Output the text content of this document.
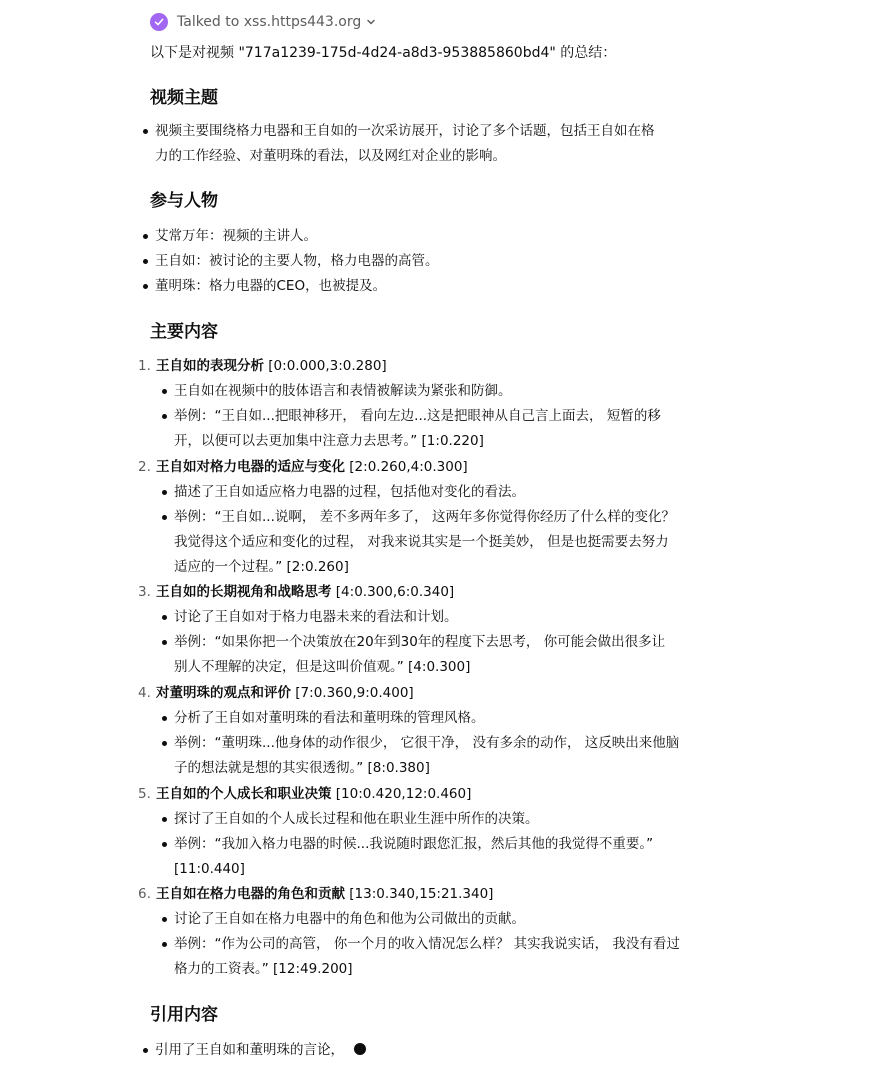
Talked to xss.https443.org
以下是对视频 "717a1239-175d-4d24-a8d3-953885860bd4" 的总结：
视频主题
视频主要围绕格力电器和王自如的一次采访展开，讨论了多个话题，包括王自如在格
力的工作经验、对董明珠的看法，以及网红对企业的影响。
参与人物
艾常万年：视频的主讲人。
王自如：被讨论的主要人物，格力电器的高管。
董明珠：格力电器的CEO，也被提及。
主要内容
1. 王自如的表现分析 [0:0.000,3:0.280]
王自如在视频中的肢体语言和表情被解读为紧张和防御。
举例：“王自如...把眼神移开， 看向左边...这是把眼神从自己言上面去， 短暂的移
开，以便可以去更加集中注意力去思考。” [1:0.220]
2. 王自如对格力电器的适应与变化 [2:0.260,4:0.300]
描述了王自如适应格力电器的过程，包括他对变化的看法。
举例：“王自如...说啊， 差不多两年多了， 这两年多你觉得你经历了什么样的变化？
我觉得这个适应和变化的过程， 对我来说其实是一个挺美妙， 但是也挺需要去努力
适应的一个过程。” [2:0.260]
3. 王自如的长期视角和战略思考 [4:0.300,6:0.340]
讨论了王自如对于格力电器未来的看法和计划。
举例：“如果你把一个决策放在20年到30年的程度下去思考， 你可能会做出很多让
别人不理解的决定，但是这叫价值观。” [4:0.300]
4. 对董明珠的观点和评价 [7:0.360,9:0.400]
分析了王自如对董明珠的看法和董明珠的管理风格。
举例：“董明珠...他身体的动作很少， 它很干净， 没有多余的动作， 这反映出来他脑
子的想法就是想的其实很透彻。” [8:0.380]
5. 王自如的个人成长和职业决策 [10:0.420,12:0.460]
探讨了王自如的个人成长过程和他在职业生涯中所作的决策。
举例：“我加入格力电器的时候...我说随时跟您汇报，然后其他的我觉得不重要。”
[11:0.440]
6. 王自如在格力电器的角色和贡献 [13:0.340,15:21.340]
讨论了王自如在格力电器中的角色和他为公司做出的贡献。
举例：“作为公司的高管， 你一个月的收入情况怎么样？ 其实我说实话， 我没有看过
格力的工资表。” [12:49.200]
引用内容
引用了王自如和董明珠的言论，
